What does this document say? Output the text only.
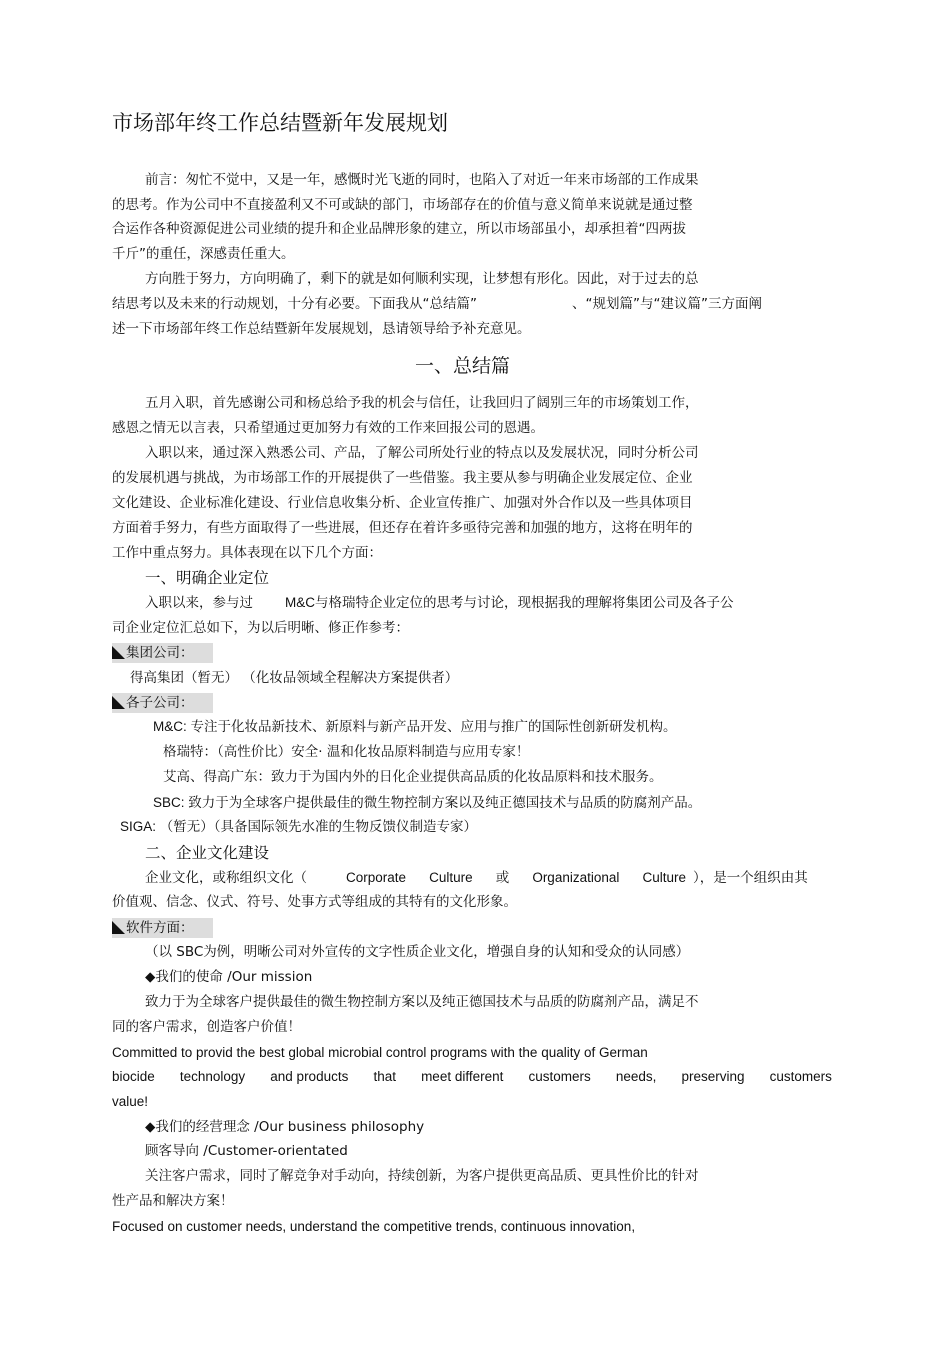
市场部年终工作总结暨新年发展规划
前言：匆忙不觉中，又是一年，感慨时光飞逝的同时，也陷入了对近一年来市场部的工作成果
的思考。作为公司中不直接盈利又不可或缺的部门，市场部存在的价值与意义简单来说就是通过整
合运作各种资源促进公司业绩的提升和企业品牌形象的建立，所以市场部虽小，却承担着“四两拔
千斤”的重任，深感责任重大。
方向胜于努力，方向明确了，剩下的就是如何顺利实现，让梦想有形化。因此，对于过去的总
结思考以及未来的行动规划，十分有必要。下面我从“总结篇”	、“规划篇”与“建议篇”三方面阐
述一下市场部年终工作总结暨新年发展规划，恳请领导给予补充意见。
一、总结篇
五月入职，首先感谢公司和杨总给予我的机会与信任，让我回归了阔别三年的市场策划工作，
感恩之情无以言表，只希望通过更加努力有效的工作来回报公司的恩遇。
入职以来，通过深入熟悉公司、产品，了解公司所处行业的特点以及发展状况，同时分析公司
的发展机遇与挑战，为市场部工作的开展提供了一些借鉴。我主要从参与明确企业发展定位、企业
文化建设、企业标准化建设、行业信息收集分析、企业宣传推广、加强对外合作以及一些具体项目
方面着手努力，有些方面取得了一些进展，但还存在着许多亟待完善和加强的地方，这将在明年的
工作中重点努力。具体表现在以下几个方面：
一、明确企业定位
入职以来，参与过 M&C与格瑞特企业定位的思考与讨论，现根据我的理解将集团公司及各子公
司企业定位汇总如下，为以后明晰、修正作参考：
集团公司：
得高集团（暂无） （化妆品领域全程解决方案提供者）
各子公司：
M&C: 专注于化妆品新技术、新原料与新产品开发、应用与推广的国际性创新研发机构。
格瑞特：（高性价比）安全· 温和化妆品原料制造与应用专家！
艾高、得高广东：致力于为国内外的日化企业提供高品质的化妆品原料和技术服务。
SBC: 致力于为全球客户提供最佳的微生物控制方案以及纯正德国技术与品质的防腐剂产品。
SIGA: （暂无）（具备国际领先水准的生物反馈仪制造专家）
二、企业文化建设
企业文化，或称组织文化（	Corporate Culture 或 Organizational Culture ），是一个组织由其
价值观、信念、仪式、符号、处事方式等组成的其特有的文化形象。
软件方面：
（以 SBC为例，明晰公司对外宣传的文字性质企业文化，增强自身的认知和受众的认同感）
◆我们的使命 /Our mission
致力于为全球客户提供最佳的微生物控制方案以及纯正德国技术与品质的防腐剂产品，满足不
同的客户需求，创造客户价值！
Committed to provid the best global microbial control programs with the quality of German
biocide technology and products that meet different customers needs, preserving customers
value!
◆我们的经营理念 /Our business philosophy
顾客导向 /Customer-orientated
关注客户需求，同时了解竞争对手动向，持续创新，为客户提供更高品质、更具性价比的针对
性产品和解决方案！
Focused on customer needs, understand the competitive trends, continuous innovation,
